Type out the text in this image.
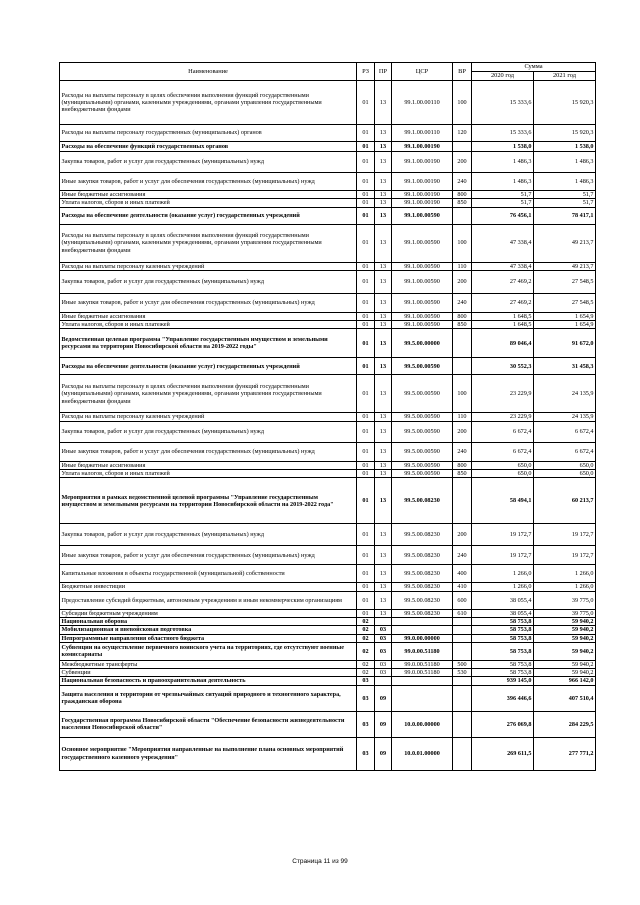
Наименование	РЗ	ПР	ЦСР	ВР	Сумма	
					2020 год	2021 год
Расходы на выплаты персоналу в целях обеспечения выполнения функций государственными (муниципальными) органами, казенными учреждениями, органами управления государственными внебюджетными фондами	01	13	99.1.00.00110	100	15 333,6	15 920,3
Расходы на выплаты персоналу государственных (муниципальных) органов	01	13	99.1.00.00110	120	15 333,6	15 920,3
Расходы на обеспечение функций государственных органов	01	13	99.1.00.00190		1 538,0	1 538,0
Закупка товаров, работ и услуг для государственных (муниципальных) нужд	01	13	99.1.00.00190	200	1 486,3	1 486,3
Иные закупки товаров, работ и услуг для обеспечения государственных (муниципальных) нужд	01	13	99.1.00.00190	240	1 486,3	1 486,3
Иные бюджетные ассигнования	01	13	99.1.00.00190	800	51,7	51,7
Уплата налогов, сборов и иных платежей	01	13	99.1.00.00190	850	51,7	51,7
Расходы на обеспечение деятельности (оказание услуг) государственных учреждений	01	13	99.1.00.00590		76 456,1	78 417,1
Расходы на выплаты персоналу в целях обеспечения выполнения функций государственными (муниципальными) органами, казенными учреждениями, органами управления государственными внебюджетными фондами	01	13	99.1.00.00590	100	47 338,4	49 213,7
Расходы на выплаты персоналу казенных учреждений	01	13	99.1.00.00590	110	47 338,4	49 213,7
Закупка товаров, работ и услуг для государственных (муниципальных) нужд	01	13	99.1.00.00590	200	27 469,2	27 548,5
Иные закупки товаров, работ и услуг для обеспечения государственных (муниципальных) нужд	01	13	99.1.00.00590	240	27 469,2	27 548,5
Иные бюджетные ассигнования	01	13	99.1.00.00590	800	1 648,5	1 654,9
Уплата налогов, сборов и иных платежей	01	13	99.1.00.00590	850	1 648,5	1 654,9
Ведомственная целевая программа "Управление государственным имуществом и земельными ресурсами на территории Новосибирской области на 2019-2022 годы"	01	13	99.5.00.00000		89 046,4	91 672,0
Расходы на обеспечение деятельности (оказание услуг) государственных учреждений	01	13	99.5.00.00590		30 552,3	31 458,3
Расходы на выплаты персоналу в целях обеспечения выполнения функций государственными (муниципальными) органами, казенными учреждениями, органами управления государственными внебюджетными фондами	01	13	99.5.00.00590	100	23 229,9	24 135,9
Расходы на выплаты персоналу казенных учреждений	01	13	99.5.00.00590	110	23 229,9	24 135,9
Закупка товаров, работ и услуг для государственных (муниципальных) нужд	01	13	99.5.00.00590	200	6 672,4	6 672,4
Иные закупки товаров, работ и услуг для обеспечения государственных (муниципальных) нужд	01	13	99.5.00.00590	240	6 672,4	6 672,4
Иные бюджетные ассигнования	01	13	99.5.00.00590	800	650,0	650,0
Уплата налогов, сборов и иных платежей	01	13	99.5.00.00590	850	650,0	650,0
Мероприятия в рамках ведомственной целевой программы "Управление государственным имуществом и земельными ресурсами на территории Новосибирской области на 2019-2022 года"	01	13	99.5.00.08230		58 494,1	60 213,7
Закупка товаров, работ и услуг для государственных (муниципальных) нужд	01	13	99.5.00.08230	200	19 172,7	19 172,7
Иные закупки товаров, работ и услуг для обеспечения государственных (муниципальных) нужд	01	13	99.5.00.08230	240	19 172,7	19 172,7
Капитальные вложения в объекты государственной (муниципальной) собственности	01	13	99.5.00.08230	400	1 266,0	1 266,0
Бюджетные инвестиции	01	13	99.5.00.08230	410	1 266,0	1 266,0
Предоставление субсидий бюджетным, автономным учреждениям и иным некоммерческим организациям	01	13	99.5.00.08230	600	38 055,4	39 775,0
Субсидии бюджетным учреждениям	01	13	99.5.00.08230	610	38 055,4	39 775,0
Национальная оборона	02				58 753,8	59 940,2
Мобилизационная и вневойсковая подготовка	02	03			58 753,8	59 940,2
Непрограммные направления областного бюджета	02	03	99.0.00.00000		58 753,8	59 940,2
Субвенции на осуществление первичного воинского учета на территориях, где отсутствуют военные комиссариаты	02	03	99.0.00.51180		58 753,8	59 940,2
Межбюджетные трансферты	02	03	99.0.00.51180	500	58 753,8	59 940,2
Субвенции	02	03	99.0.00.51180	530	58 753,8	59 940,2
Национальная безопасность и правоохранительная деятельность	03				939 145,0	966 142,0
Защита населения и территории от чрезвычайных ситуаций природного и техногенного характера, гражданская оборона	03	09			396 446,6	407 510,4
Государственная программа Новосибирской области "Обеспечение безопасности жизнедеятельности населения Новосибирской области"	03	09	10.0.00.00000		276 069,8	284 229,5
Основное мероприятие "Мероприятия направленные на выполнение плана основных мероприятий государственного казенного учреждения"	03	09	10.0.01.00000		269 611,5	277 771,2
Страница 11 из 99
